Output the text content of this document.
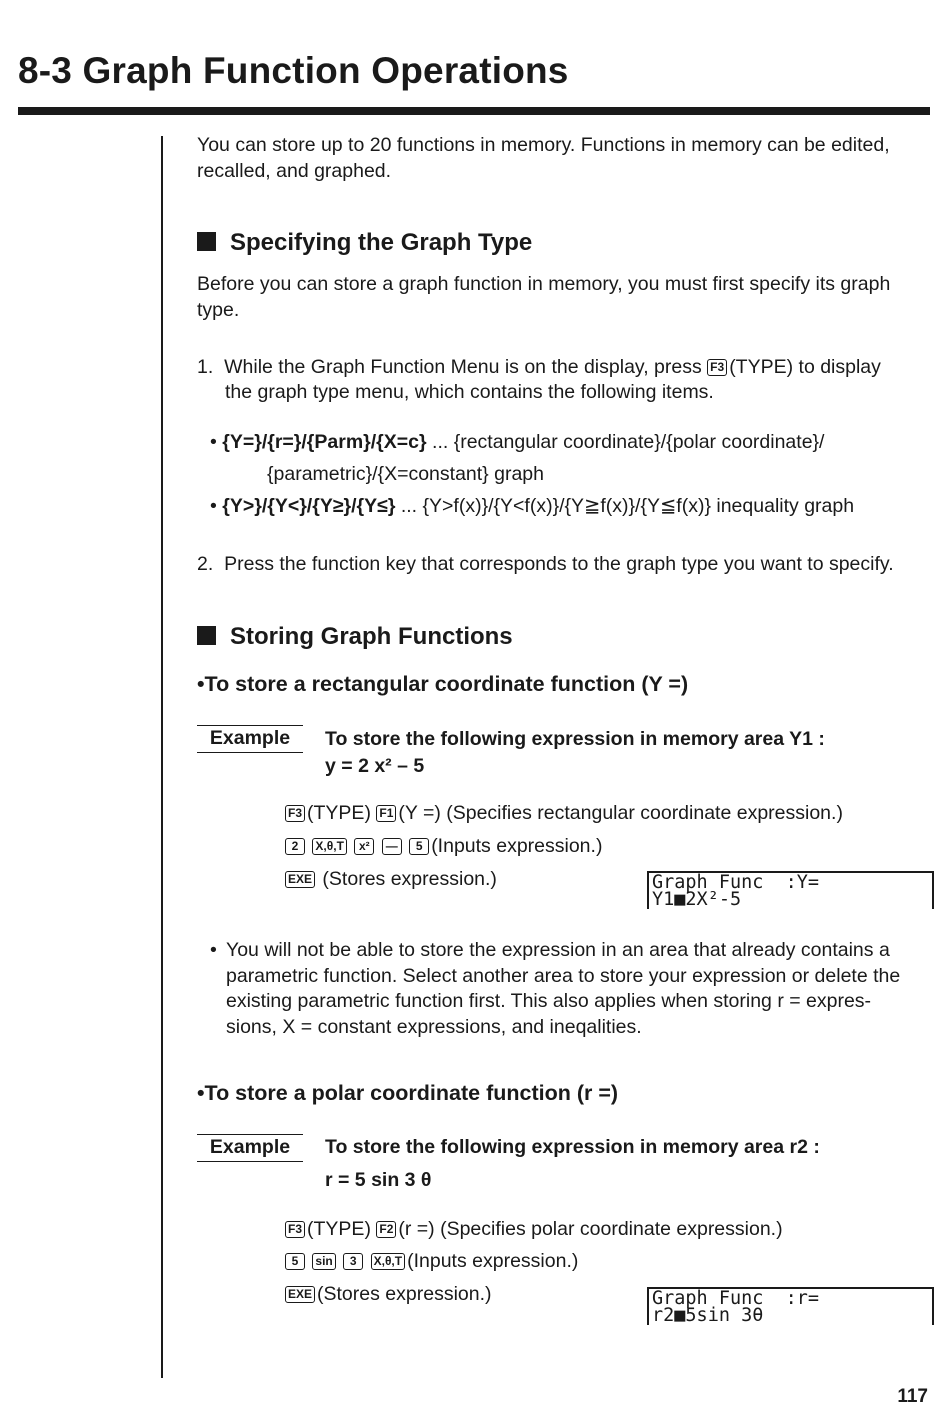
8-3 Graph Function Operations
You can store up to 20 functions in memory. Functions in memory can be edited,
recalled, and graphed.
Specifying the Graph Type
Before you can store a graph function in memory, you must first specify its graph
type.
1. While the Graph Function Menu is on the display, press F3 (TYPE) to display
the graph type menu, which contains the following items.
• {Y=}/{r=}/{Parm}/{X=c} ... {rectangular coordinate}/{polar coordinate}/
{parametric}/{X=constant} graph
• {Y>}/{Y<}/{Y≥}/{Y≤} ... {Y>f(x)}/{Y<f(x)}/{Y≧f(x)}/{Y≦f(x)} inequality graph
2. Press the function key that corresponds to the graph type you want to specify.
Storing Graph Functions
•To store a rectangular coordinate function (Y =)
Example	To store the following expression in memory area Y1 :
y = 2 x² – 5
F3 (TYPE) F1 (Y =) (Specifies rectangular coordinate expression.)
2 X,θ,T x² — 5 (Inputs expression.)
EXE (Stores expression.)	Graph Func  :Y=
Y1■2X²-5
• You will not be able to store the expression in an area that already contains a
parametric function. Select another area to store your expression or delete the
existing parametric function first. This also applies when storing r = expres-
sions, X = constant expressions, and ineqalities.
•To store a polar coordinate function (r =)
Example	To store the following expression in memory area r2 :
r = 5 sin 3 θ
F3 (TYPE) F2 (r =) (Specifies polar coordinate expression.)
5 sin 3 X,θ,T (Inputs expression.)
EXE (Stores expression.)	Graph Func  :r=
r2■5sin 3θ
117
